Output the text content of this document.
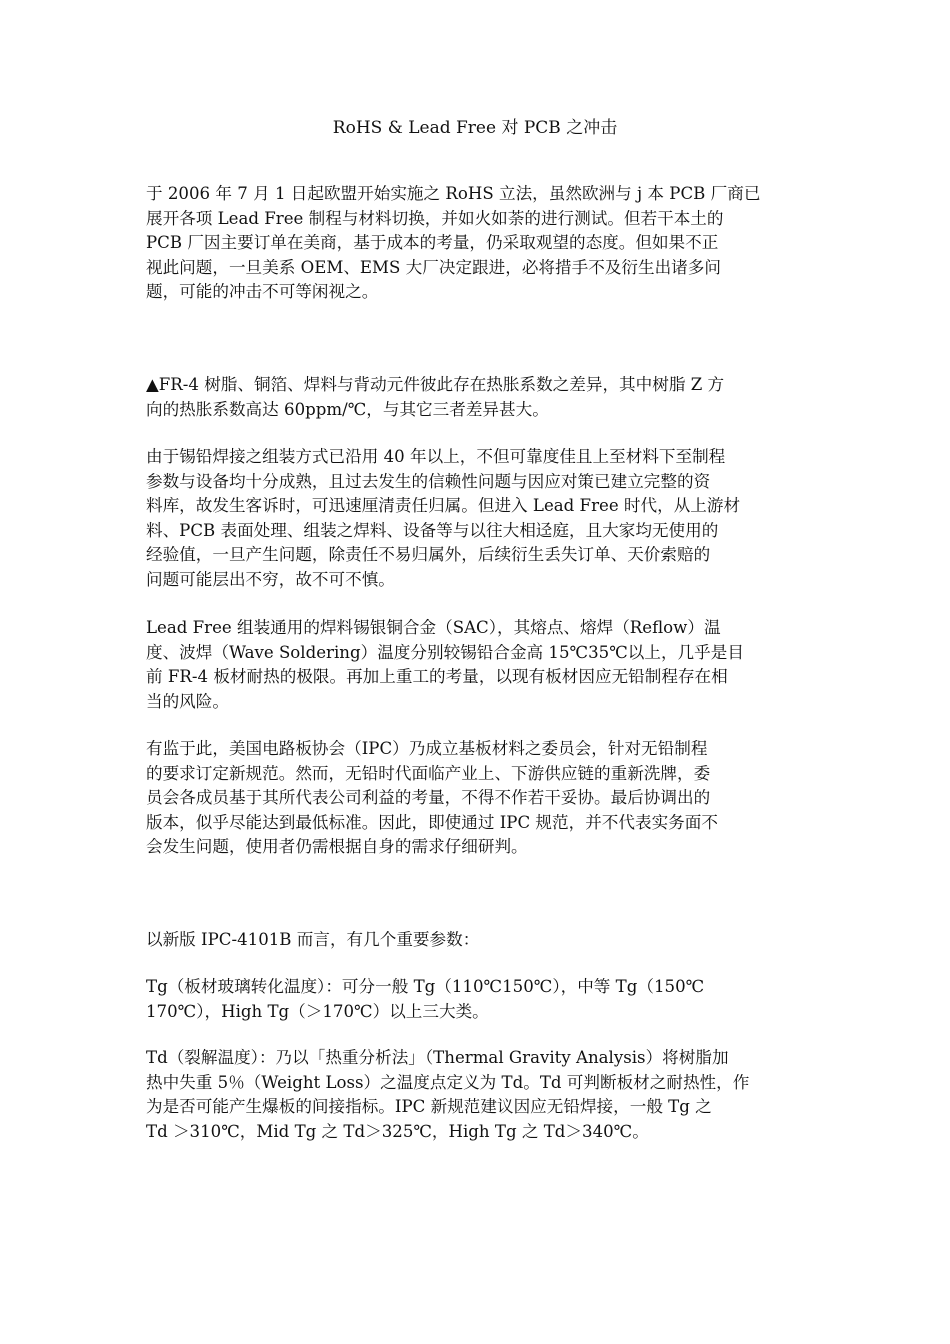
RoHS & Lead Free 对 PCB 之冲击
于 2006 年 7 月 1 日起欧盟开始实施之 RoHS 立法，虽然欧洲与 j 本 PCB 厂商已
展开各项 Lead Free 制程与材料切换，并如火如荼的进行测试。但若干本土的
PCB 厂因主要订单在美商，基于成本的考量，仍采取观望的态度。但如果不正
视此问题，一旦美系 OEM、EMS 大厂决定跟进，必将措手不及衍生出诸多问
题，可能的冲击不可等闲视之。
▲FR-4 树脂、铜箔、焊料与背动元件彼此存在热胀系数之差异，其中树脂 Z 方
向的热胀系数高达 60ppm/℃，与其它三者差异甚大。
由于锡铅焊接之组装方式已沿用 40 年以上，不但可靠度佳且上至材料下至制程
参数与设备均十分成熟，且过去发生的信赖性问题与因应对策已建立完整的资
料库，故发生客诉时，可迅速厘清责任归属。但进入 Lead Free 时代，从上游材
料、PCB 表面处理、组装之焊料、设备等与以往大相迳庭，且大家均无使用的
经验值，一旦产生问题，除责任不易归属外，后续衍生丢失订单、天价索赔的
问题可能层出不穷，故不可不慎。
Lead Free 组装通用的焊料锡银铜合金（SAC），其熔点、熔焊（Reflow）温
度、波焊（Wave Soldering）温度分别较锡铅合金高 15℃35℃以上，几乎是目
前 FR-4 板材耐热的极限。再加上重工的考量，以现有板材因应无铅制程存在相
当的风险。
有监于此，美国电路板协会（IPC）乃成立基板材料之委员会，针对无铅制程
的要求订定新规范。然而，无铅时代面临产业上、下游供应链的重新洗牌，委
员会各成员基于其所代表公司利益的考量，不得不作若干妥协。最后协调出的
版本，似乎尽能达到最低标准。因此，即使通过 IPC 规范，并不代表实务面不
会发生问题，使用者仍需根据自身的需求仔细研判。
以新版 IPC-4101B 而言，有几个重要参数：
Tg（板材玻璃转化温度）：可分一般 Tg（110℃150℃），中等 Tg（150℃
170℃），High Tg（＞170℃）以上三大类。
Td（裂解温度）：乃以「热重分析法」（Thermal Gravity Analysis）将树脂加
热中失重 5％（Weight Loss）之温度点定义为 Td。Td 可判断板材之耐热性，作
为是否可能产生爆板的间接指标。IPC 新规范建议因应无铅焊接，一般 Tg 之
Td ＞310℃，Mid Tg 之 Td＞325℃，High Tg 之 Td＞340℃。
